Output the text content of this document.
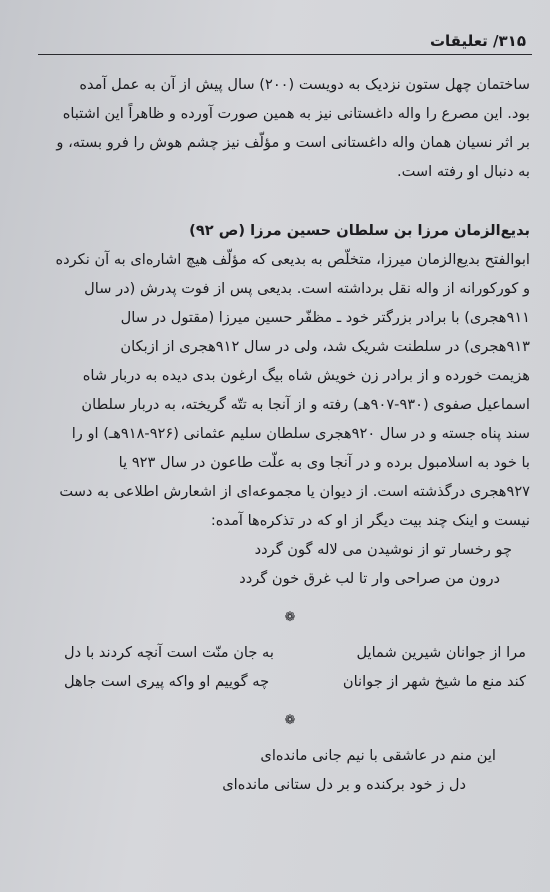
۳۱۵/ تعلیقات

ساختمان چهل ستون نزدیک به دویست (۲۰۰) سال پیش از آن به عمل آمده

بود. این مصرع را واله داغستانی نیز به همین صورت آورده و ظاهراً این اشتباه

بر اثر نسیان همان واله داغستانی است و مؤلّف نیز چشم هوش را فرو بسته، و

به دنبال او رفته است.

بدیع‌الزمان مرزا بن سلطان حسین مرزا (ص ۹۲)

ابوالفتح بدیع‌الزمان میرزا، متخلّص به بدیعی که مؤلّف هیچ اشاره‌ای به آن نکرده

و کورکورانه از واله نقل برداشته است. بدیعی پس از فوت پدرش (در سال

۹۱۱هجری) با برادر بزرگتر خود ـ مظفّر حسین میرزا (مقتول در سال

۹۱۳هجری) در سلطنت شریک شد، ولی در سال ۹۱۲هجری از ازبکان

هزیمت خورده و از برادر زن خویش شاه بیگ ارغون بدی دیده به دربار شاه

اسماعیل صفوی (۹۳۰-۹۰۷هـ) رفته و از آنجا به تتّه گریخته، به دربار سلطان

سند پناه جسته و در سال ۹۲۰هجری سلطان سلیم عثمانی (۹۲۶-۹۱۸هـ) او را

با خود به اسلامبول برده و در آنجا وی به علّت طاعون در سال ۹۲۳ یا

۹۲۷هجری درگذشته است. از دیوان یا مجموعه‌ای از اشعارش اطلاعی به دست

نیست و اینک چند بیت دیگر از او که در تذکره‌ها آمده:

چو رخسار تو از نوشیدن می لاله گون گردد

درون من صراحی وار تا لب غرق خون گردد

❁
مرا از جوانان شیرین شمایل
به جان منّت است آنچه کردند با دل
کند منع ما شیخ شهر از جوانان
چه گوییم او واکه پیری است جاهل
❁

این منم در عاشقی با نیم جانی مانده‌ای

دل ز خود برکنده و بر دل ستانی مانده‌ای
